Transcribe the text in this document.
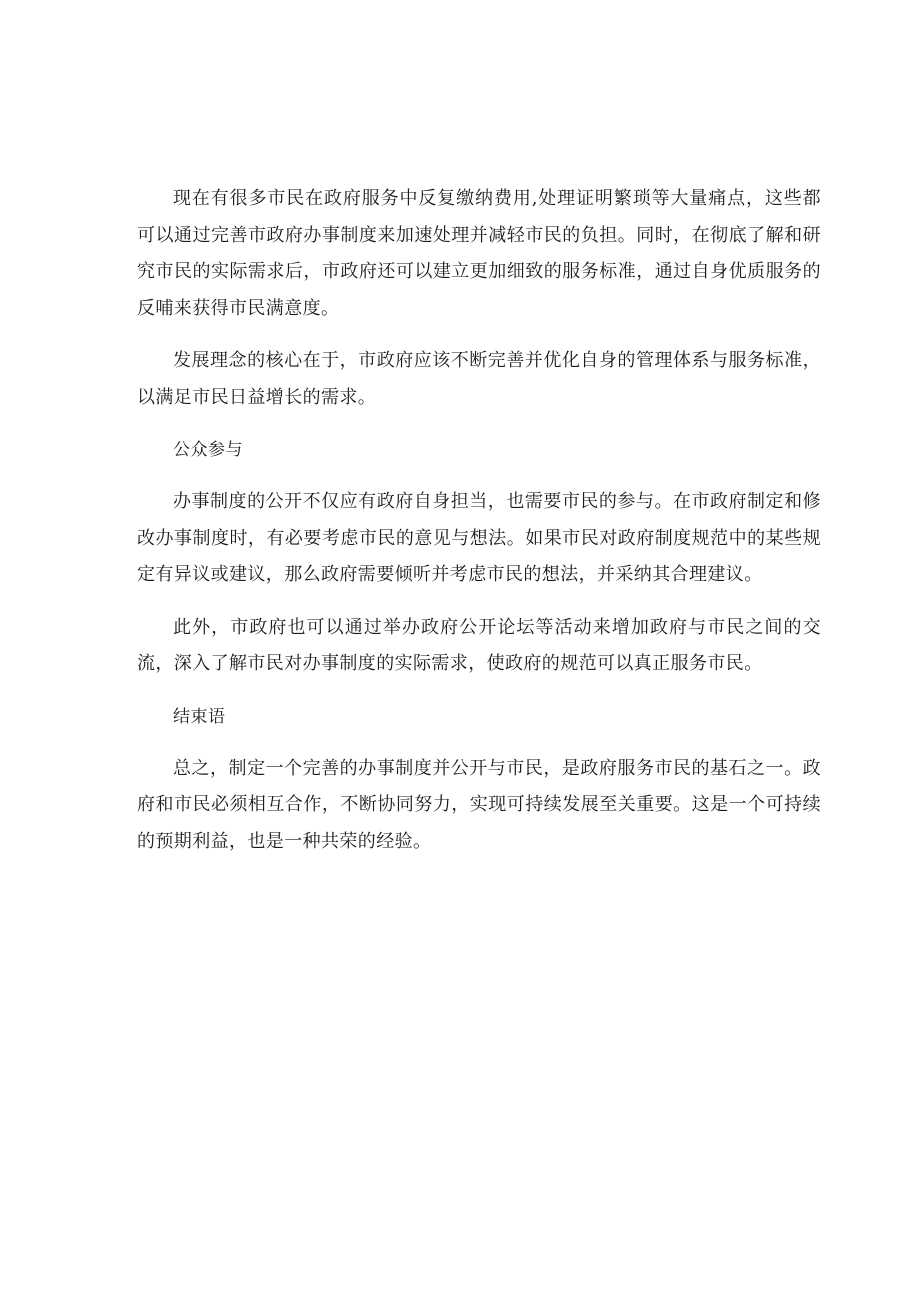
现在有很多市民在政府服务中反复缴纳费用,处理证明繁琐等大量痛点，这些都可以通过完善市政府办事制度来加速处理并减轻市民的负担。同时，在彻底了解和研究市民的实际需求后，市政府还可以建立更加细致的服务标准，通过自身优质服务的反哺来获得市民满意度。

发展理念的核心在于，市政府应该不断完善并优化自身的管理体系与服务标准，以满足市民日益增长的需求。

公众参与

办事制度的公开不仅应有政府自身担当，也需要市民的参与。在市政府制定和修改办事制度时，有必要考虑市民的意见与想法。如果市民对政府制度规范中的某些规定有异议或建议，那么政府需要倾听并考虑市民的想法，并采纳其合理建议。

此外，市政府也可以通过举办政府公开论坛等活动来增加政府与市民之间的交流，深入了解市民对办事制度的实际需求，使政府的规范可以真正服务市民。

结束语

总之，制定一个完善的办事制度并公开与市民，是政府服务市民的基石之一。政府和市民必须相互合作，不断协同努力，实现可持续发展至关重要。这是一个可持续的预期利益，也是一种共荣的经验。
